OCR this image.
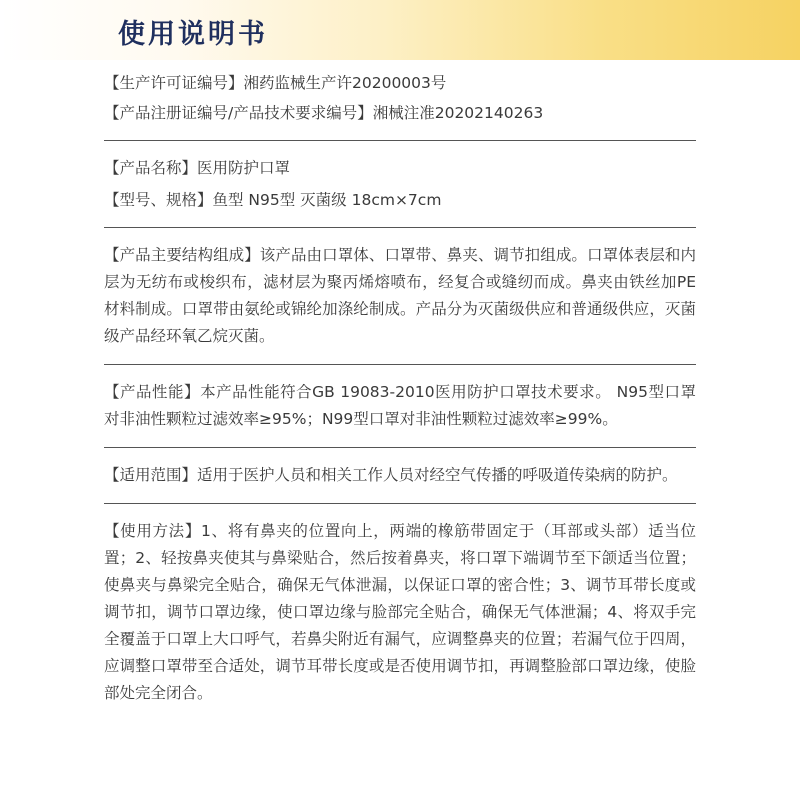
使用说明书
【生产许可证编号】湘药监械生产许20200003号
【产品注册证编号/产品技术要求编号】湘械注准20202140263
【产品名称】医用防护口罩
【型号、规格】鱼型 N95型 灭菌级 18cm×7cm
【产品主要结构组成】该产品由口罩体、口罩带、鼻夹、调节扣组成。口罩体表层和内层为无纺布或梭织布，滤材层为聚丙烯熔喷布，经复合或缝纫而成。鼻夹由铁丝加PE材料制成。口罩带由氨纶或锦纶加涤纶制成。产品分为灭菌级供应和普通级供应，灭菌级产品经环氧乙烷灭菌。
【产品性能】本产品性能符合GB 19083-2010医用防护口罩技术要求。 N95型口罩对非油性颗粒过滤效率≥95%；N99型口罩对非油性颗粒过滤效率≥99%。
【适用范围】适用于医护人员和相关工作人员对经空气传播的呼吸道传染病的防护。
【使用方法】1、将有鼻夹的位置向上，两端的橡筋带固定于（耳部或头部）适当位置；2、轻按鼻夹使其与鼻梁贴合，然后按着鼻夹，将口罩下端调节至下颌适当位置；使鼻夹与鼻梁完全贴合，确保无气体泄漏，以保证口罩的密合性；3、调节耳带长度或调节扣，调节口罩边缘，使口罩边缘与脸部完全贴合，确保无气体泄漏；4、将双手完全覆盖于口罩上大口呼气，若鼻尖附近有漏气，应调整鼻夹的位置；若漏气位于四周，应调整口罩带至合适处，调节耳带长度或是否使用调节扣，再调整脸部口罩边缘，使脸部处完全闭合。
